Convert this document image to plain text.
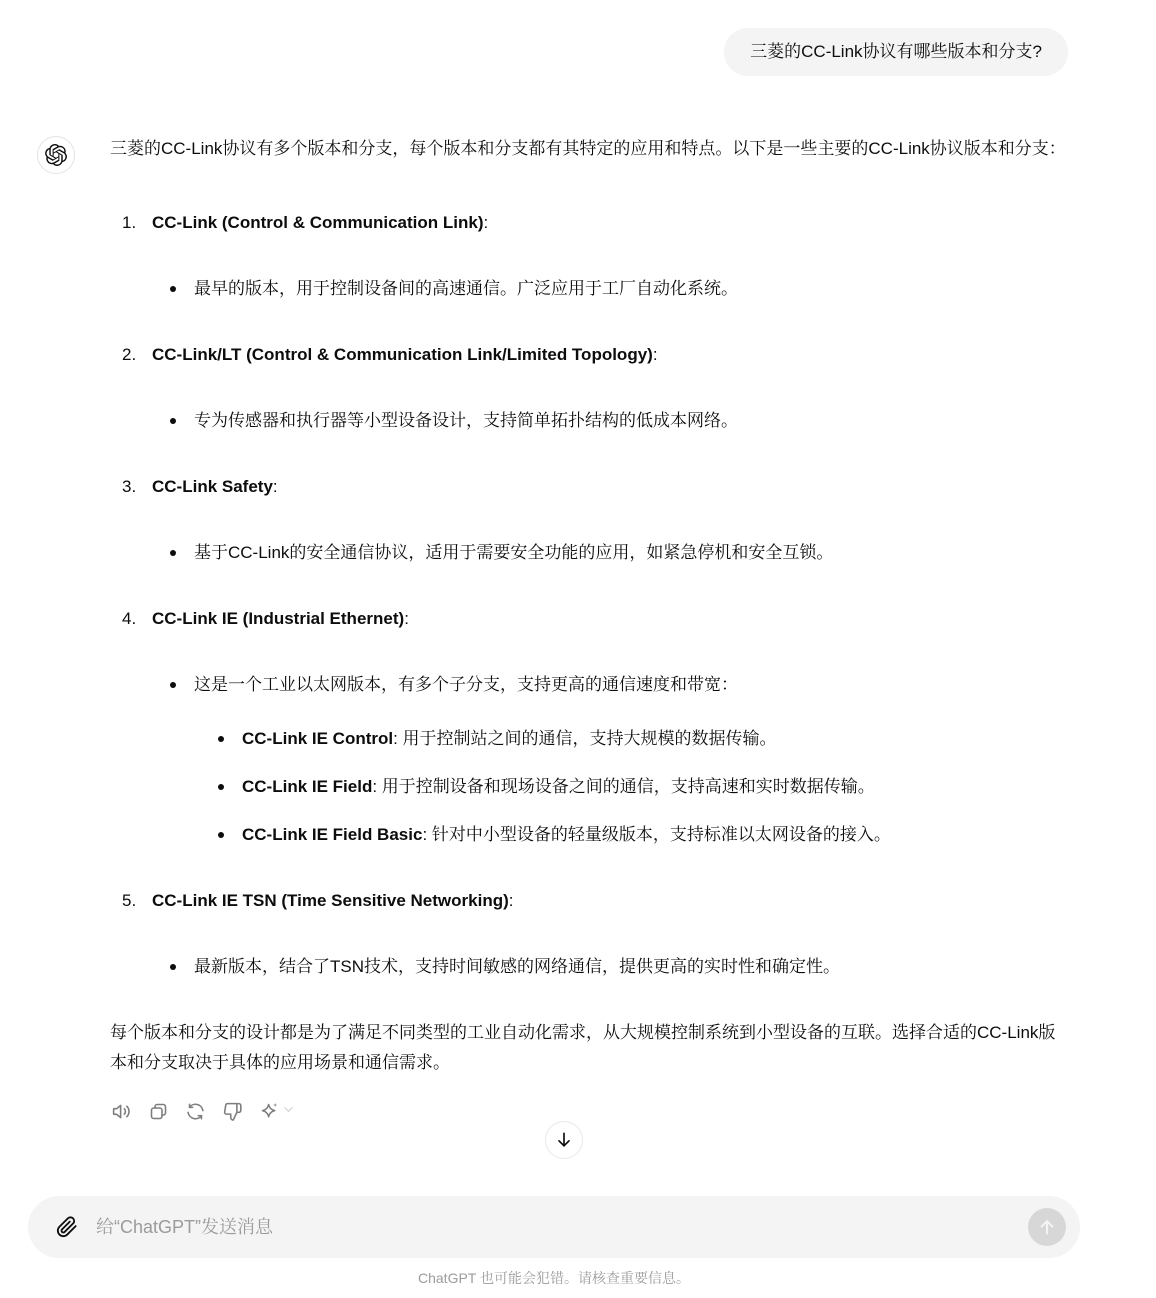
三菱的CC-Link协议有哪些版本和分支?

三菱的CC-Link协议有多个版本和分支，每个版本和分支都有其特定的应用和特点。以下是一些主要的CC-Link协议版本和分支：

1. CC-Link (Control & Communication Link):

最早的版本，用于控制设备间的高速通信。广泛应用于工厂自动化系统。
2. CC-Link/LT (Control & Communication Link/Limited Topology):

专为传感器和执行器等小型设备设计，支持简单拓扑结构的低成本网络。
3. CC-Link Safety:

基于CC-Link的安全通信协议，适用于需要安全功能的应用，如紧急停机和安全互锁。
4. CC-Link IE (Industrial Ethernet):

这是一个工业以太网版本，有多个子分支，支持更高的通信速度和带宽：
CC-Link IE Control: 用于控制站之间的通信，支持大规模的数据传输。
CC-Link IE Field: 用于控制设备和现场设备之间的通信，支持高速和实时数据传输。
CC-Link IE Field Basic: 针对中小型设备的轻量级版本，支持标准以太网设备的接入。
5. CC-Link IE TSN (Time Sensitive Networking):

最新版本，结合了TSN技术，支持时间敏感的网络通信，提供更高的实时性和确定性。

每个版本和分支的设计都是为了满足不同类型的工业自动化需求，从大规模控制系统到小型设备的互联。选择合适的CC-Link版本和分支取决于具体的应用场景和通信需求。

给“ChatGPT”发送消息
ChatGPT 也可能会犯错。请核查重要信息。
